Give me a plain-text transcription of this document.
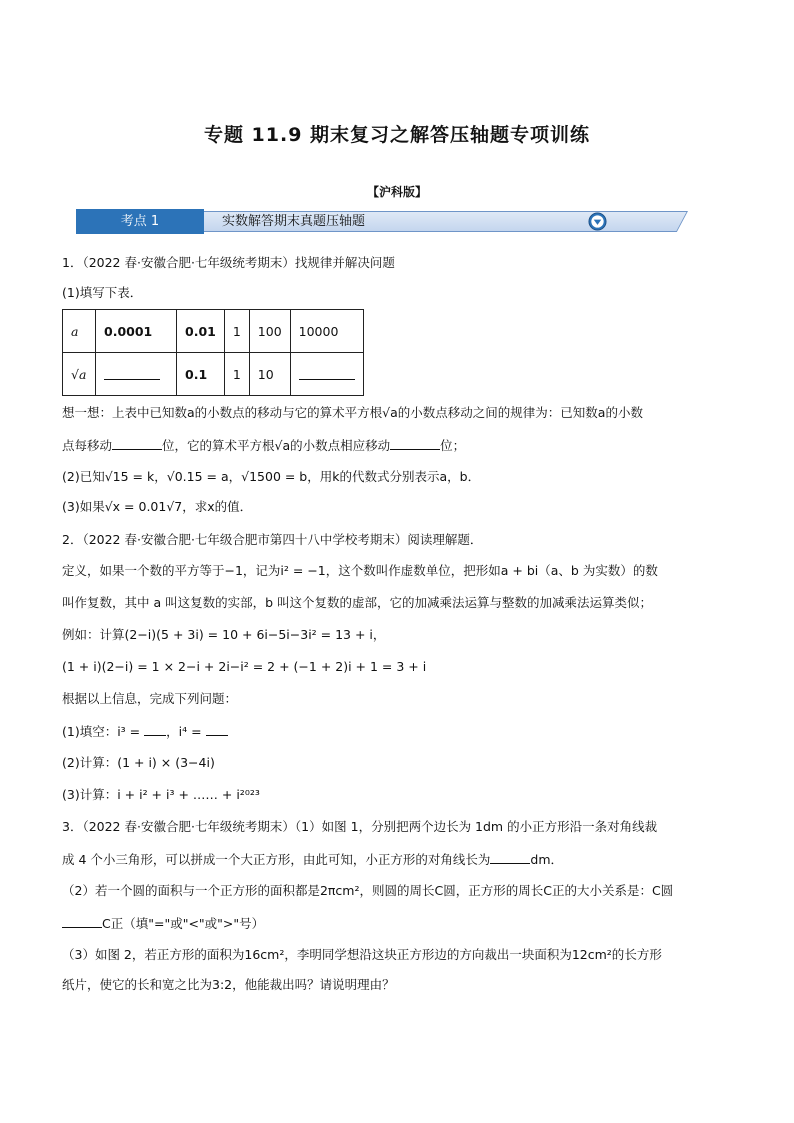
专题 11.9 期末复习之解答压轴题专项训练
【沪科版】
考点 1	实数解答期末真题压轴题
1．（2022 春·安徽合肥·七年级统考期末）找规律并解决问题
(1)填写下表．
a	0.0001	0.01	1	100	10000
√a		0.1	1	10	
想一想：上表中已知数a的小数点的移动与它的算术平方根√a的小数点移动之间的规律为：已知数a的小数
点每移动	位，它的算术平方根√a的小数点相应移动	位；
(2)已知√15 = k，√0.15 = a，√1500 = b，用k的代数式分别表示a，b．
(3)如果√x = 0.01√7，求x的值．
2．（2022 春·安徽合肥·七年级合肥市第四十八中学校考期末）阅读理解题．
定义，如果一个数的平方等于−1，记为i² = −1，这个数叫作虚数单位，把形如a + bi（a、b 为实数）的数
叫作复数，其中 a 叫这复数的实部，b 叫这个复数的虚部，它的加减乘法运算与整数的加减乘法运算类似；
例如：计算(2−i)(5 + 3i) = 10 + 6i−5i−3i² = 13 + i，
(1 + i)(2−i) = 1 × 2−i + 2i−i² = 2 + (−1 + 2)i + 1 = 3 + i
根据以上信息，完成下列问题：
(1)填空：i³ = ，i⁴ =
(2)计算：(1 + i) × (3−4i)
(3)计算：i + i² + i³ + …… + i²⁰²³
3．（2022 春·安徽合肥·七年级统考期末）（1）如图 1，分别把两个边长为 1dm 的小正方形沿一条对角线裁
成 4 个小三角形，可以拼成一个大正方形，由此可知，小正方形的对角线长为	dm．
（2）若一个圆的面积与一个正方形的面积都是2πcm²，则圆的周长C圆，正方形的周长C正的大小关系是：C圆
C正（填"="或"<"或">"号）
（3）如图 2，若正方形的面积为16cm²，李明同学想沿这块正方形边的方向裁出一块面积为12cm²的长方形
纸片，使它的长和宽之比为3:2，他能裁出吗？请说明理由？
